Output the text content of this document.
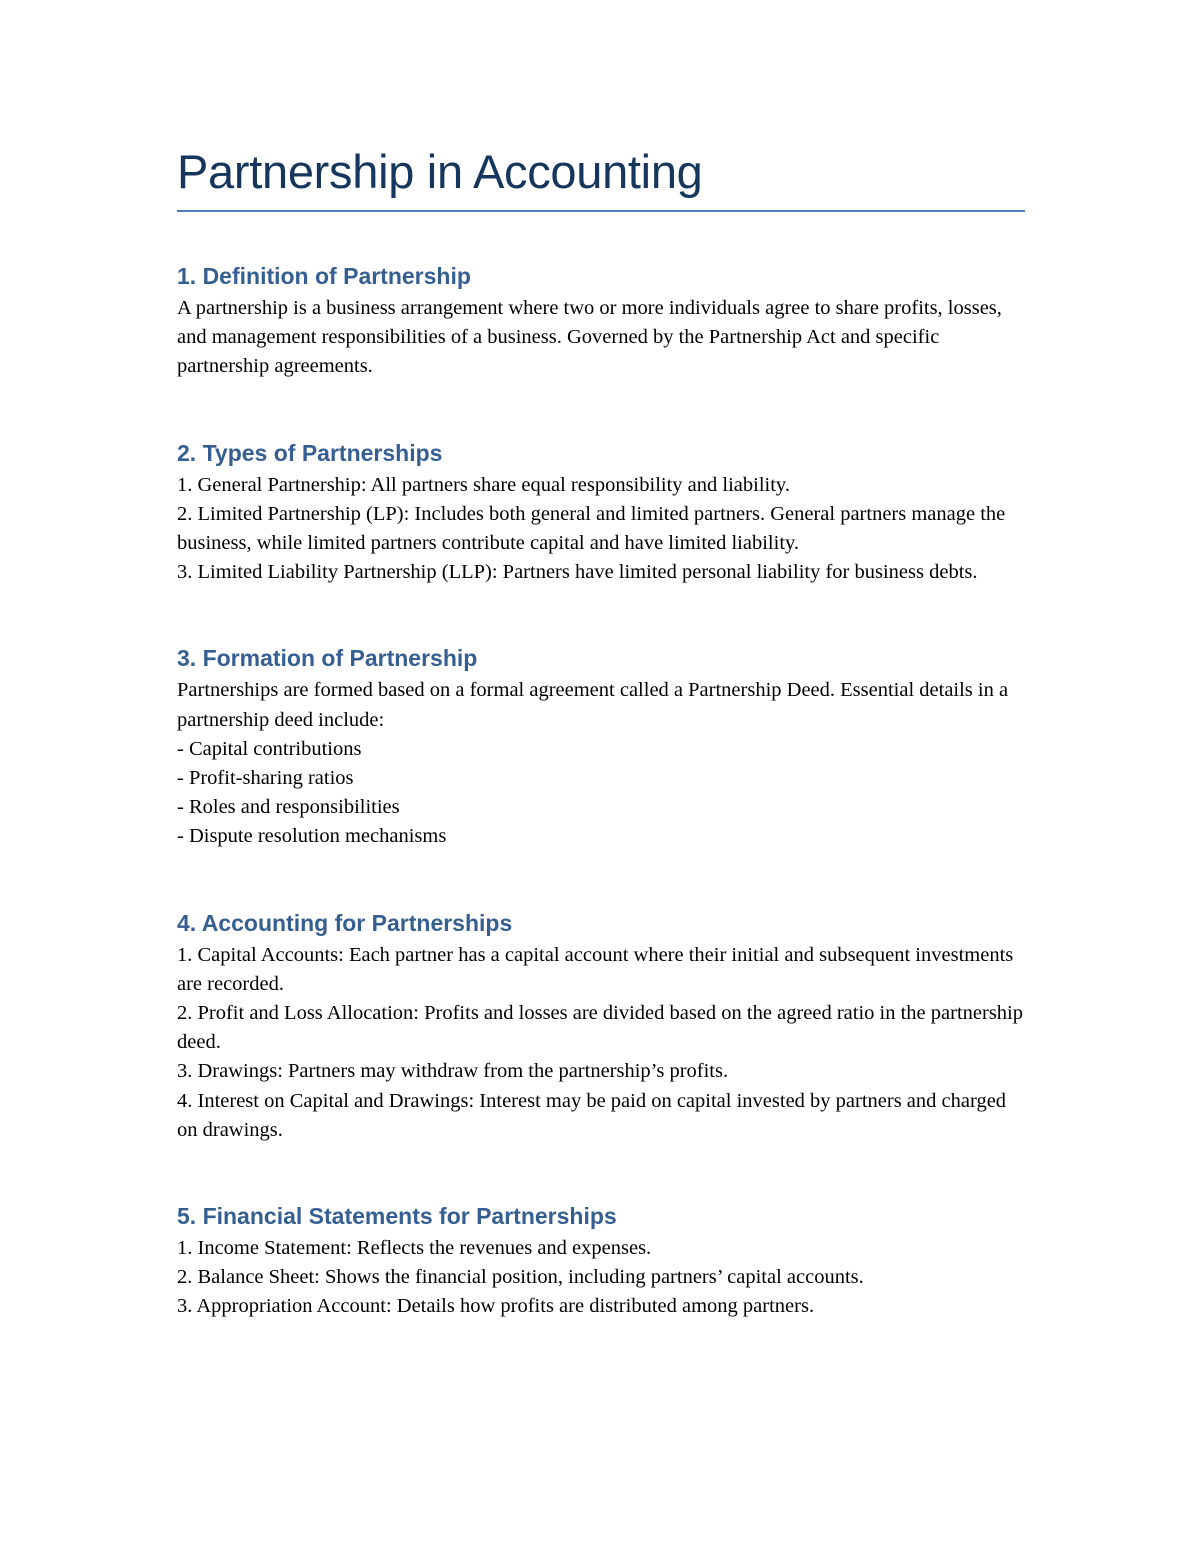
Partnership in Accounting
1. Definition of Partnership

A partnership is a business arrangement where two or more individuals agree to share profits, losses, and management responsibilities of a business. Governed by the Partnership Act and specific partnership agreements.

2. Types of Partnerships

1. General Partnership: All partners share equal responsibility and liability.

2. Limited Partnership (LP): Includes both general and limited partners. General partners manage the business, while limited partners contribute capital and have limited liability.

3. Limited Liability Partnership (LLP): Partners have limited personal liability for business debts.

3. Formation of Partnership

Partnerships are formed based on a formal agreement called a Partnership Deed. Essential details in a partnership deed include:

- Capital contributions

- Profit-sharing ratios

- Roles and responsibilities

- Dispute resolution mechanisms

4. Accounting for Partnerships

1. Capital Accounts: Each partner has a capital account where their initial and subsequent investments are recorded.

2. Profit and Loss Allocation: Profits and losses are divided based on the agreed ratio in the partnership deed.

3. Drawings: Partners may withdraw from the partnership’s profits.

4. Interest on Capital and Drawings: Interest may be paid on capital invested by partners and charged on drawings.

5. Financial Statements for Partnerships

1. Income Statement: Reflects the revenues and expenses.

2. Balance Sheet: Shows the financial position, including partners’ capital accounts.

3. Appropriation Account: Details how profits are distributed among partners.
